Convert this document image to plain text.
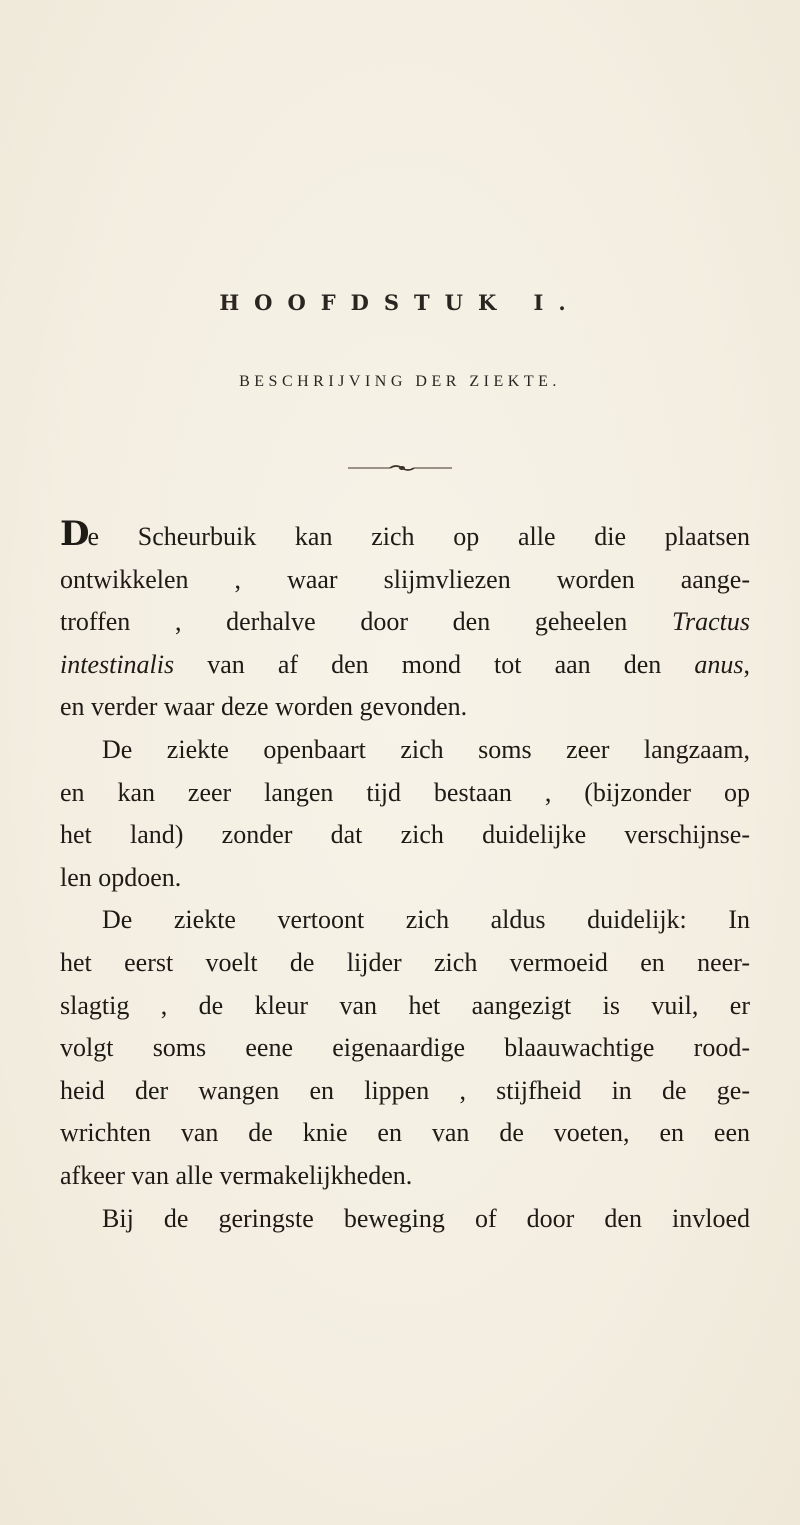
HOOFDSTUK I.
BESCHRIJVING DER ZIEKTE.
De Scheurbuik kan zich op alle die plaatsen
ontwikkelen , waar slijmvliezen worden aange-
troffen , derhalve door den geheelen Tractus
intestinalis van af den mond tot aan den anus,
en verder waar deze worden gevonden.
De ziekte openbaart zich soms zeer langzaam,
en kan zeer langen tijd bestaan , (bijzonder op
het land) zonder dat zich duidelijke verschijnse-
len opdoen.
De ziekte vertoont zich aldus duidelijk: In
het eerst voelt de lijder zich vermoeid en neer-
slagtig , de kleur van het aangezigt is vuil, er
volgt soms eene eigenaardige blaauwachtige rood-
heid der wangen en lippen , stijfheid in de ge-
wrichten van de knie en van de voeten, en een
afkeer van alle vermakelijkheden.
Bij de geringste beweging of door den invloed
